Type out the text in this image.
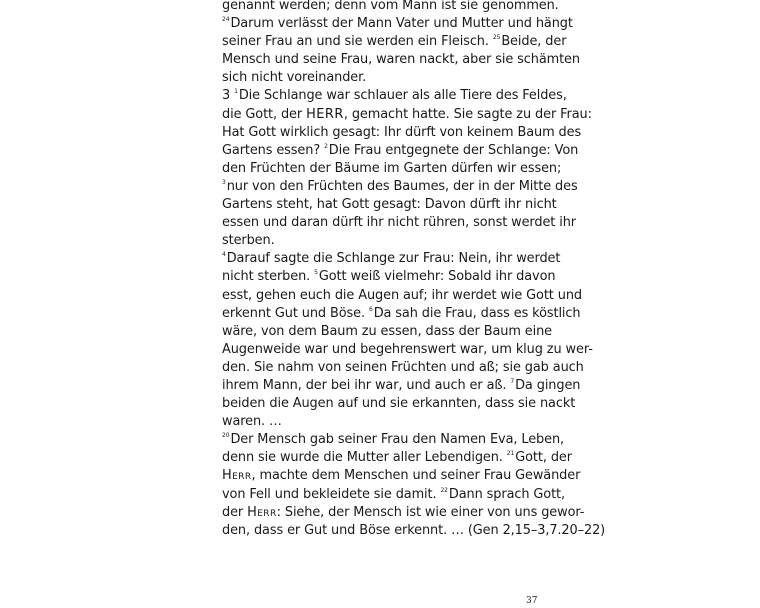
genannt werden; denn vom Mann ist sie genommen.
$^{24}$Darum verlässt der Mann Vater und Mutter und hängt
seiner Frau an und sie werden ein Fleisch. $^{25}$Beide, der
Mensch und seine Frau, waren nackt, aber sie schämten
sich nicht voreinander.
3 $^1$Die Schlange war schlauer als alle Tiere des Feldes,
die Gott, der HERR, gemacht hatte. Sie sagte zu der Frau:
Hat Gott wirklich gesagt: Ihr dürft von keinem Baum des
Gartens essen? $^2$Die Frau entgegnete der Schlange: Von
den Früchten der Bäume im Garten dürfen wir essen;
$^3$nur von den Früchten des Baumes, der in der Mitte des
Gartens steht, hat Gott gesagt: Davon dürft ihr nicht
essen und daran dürft ihr nicht rühren, sonst werdet ihr
sterben.
$^4$Darauf sagte die Schlange zur Frau: Nein, ihr werdet
nicht sterben. $^5$Gott weiß vielmehr: Sobald ihr davon
esst, gehen euch die Augen auf; ihr werdet wie Gott und
erkennt Gut und Böse. $^6$Da sah die Frau, dass es köstlich
wäre, von dem Baum zu essen, dass der Baum eine
Augenweide war und begehrenswert war, um klug zu wer-
den. Sie nahm von seinen Früchten und aß; sie gab auch
ihrem Mann, der bei ihr war, und auch er aß. $^7$Da gingen
beiden die Augen auf und sie erkannten, dass sie nackt
waren. …
$^{20}$Der Mensch gab seiner Frau den Namen Eva, Leben,
denn sie wurde die Mutter aller Lebendigen. $^{21}$Gott, der
Herr, machte dem Menschen und seiner Frau Gewänder
von Fell und bekleidete sie damit. $^{22}$Dann sprach Gott,
der Herr: Siehe, der Mensch ist wie einer von uns gewor-
den, dass er Gut und Böse erkennt. … (Gen 2,15–3,7.20–22)
37
